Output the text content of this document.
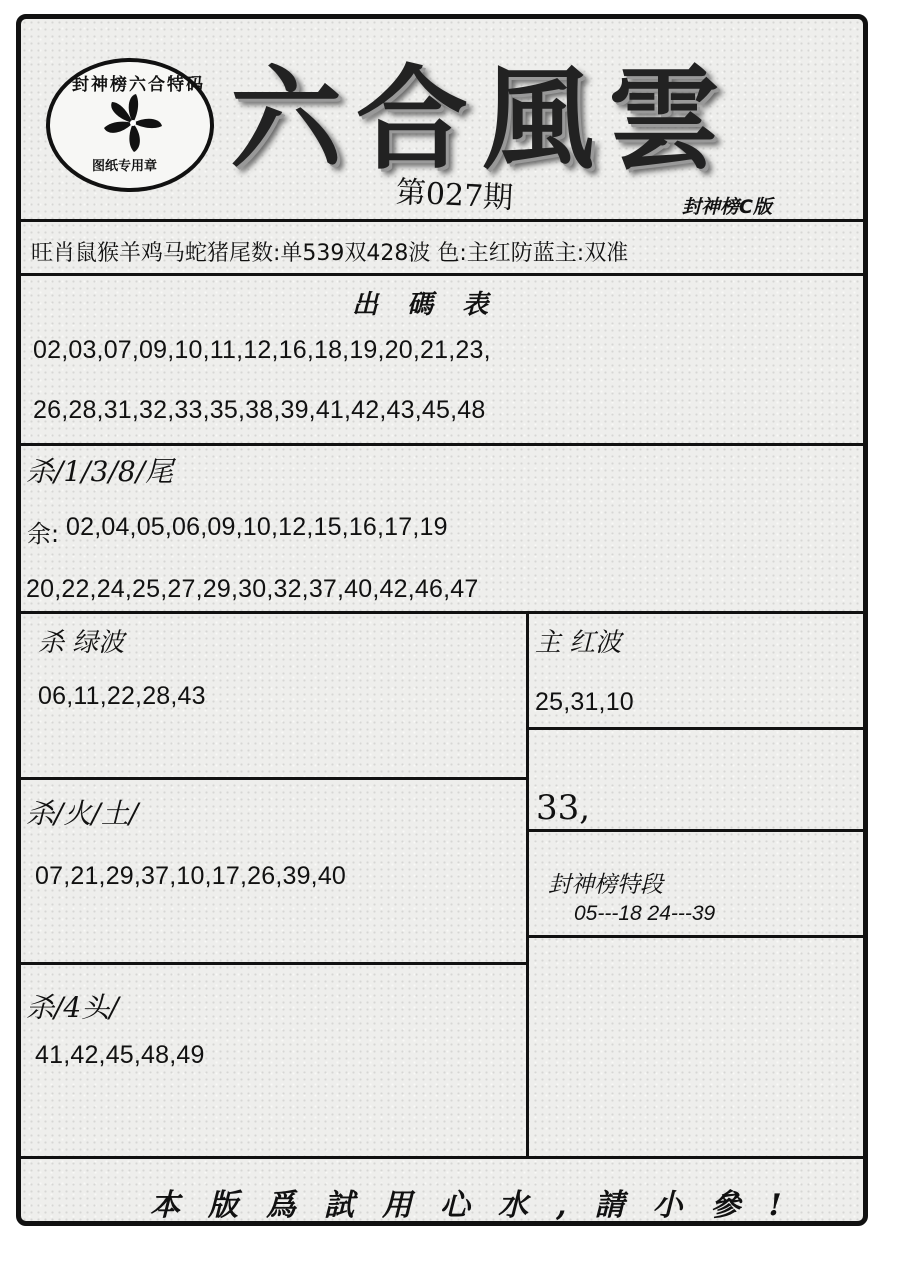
封神榜六合特码
图纸专用章 六合風雲
第027期	封神榜C版
旺肖鼠猴羊鸡马蛇猪尾数:单539双428波 色:主红防蓝主:双准
出 碼 表
02,03,07,09,10,11,12,16,18,19,20,21,23,
26,28,31,32,33,35,38,39,41,42,43,45,48
杀/1/3/8/尾
余: 02,04,05,06,09,10,12,15,16,17,19
20,22,24,25,27,29,30,32,37,40,42,46,47
杀 绿波
06,11,22,28,43
主 红波
25,31,10
33,
杀/火/土/
07,21,29,37,10,17,26,39,40	封神榜特段
05---18 24---39
杀/4头/
41,42,45,48,49
本版爲試用心水,請小參!
